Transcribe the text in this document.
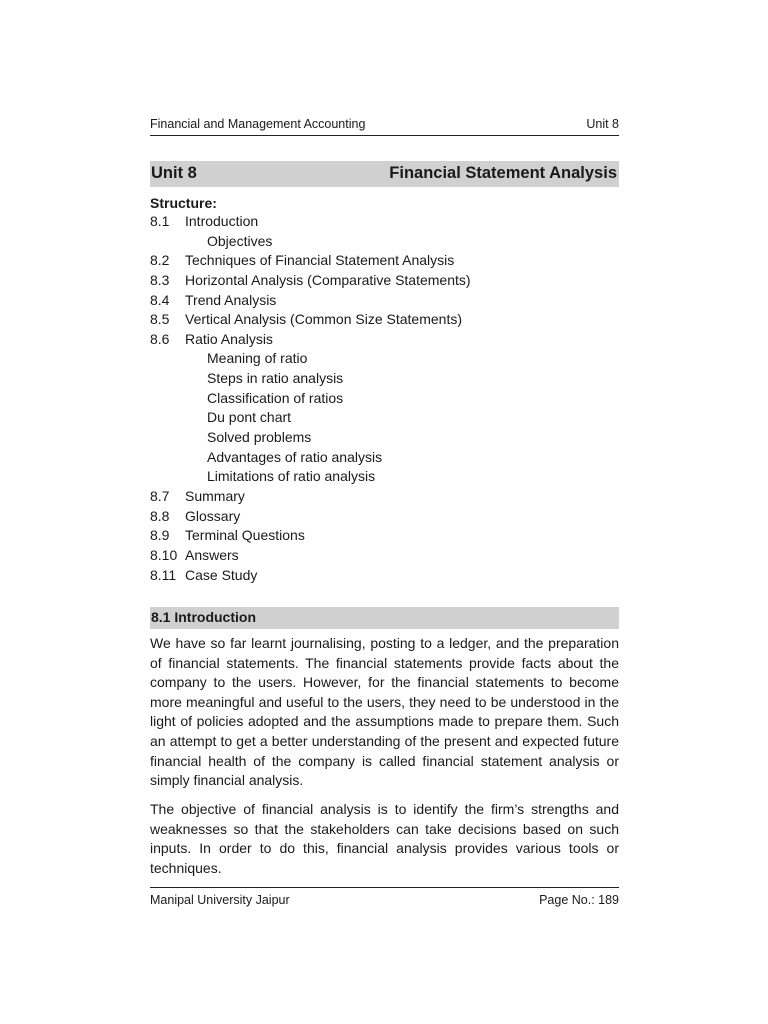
Financial and Management Accounting	Unit 8
Unit 8	Financial Statement Analysis
Structure:
8.1 Introduction
Objectives
8.2 Techniques of Financial Statement Analysis
8.3 Horizontal Analysis (Comparative Statements)
8.4 Trend Analysis
8.5 Vertical Analysis (Common Size Statements)
8.6 Ratio Analysis
Meaning of ratio
Steps in ratio analysis
Classification of ratios
Du pont chart
Solved problems
Advantages of ratio analysis
Limitations of ratio analysis
8.7 Summary
8.8 Glossary
8.9 Terminal Questions
8.10 Answers
8.11 Case Study
8.1 Introduction

We have so far learnt journalising, posting to a ledger, and the preparation of financial statements. The financial statements provide facts about the company to the users. However, for the financial statements to become more meaningful and useful to the users, they need to be understood in the light of policies adopted and the assumptions made to prepare them. Such an attempt to get a better understanding of the present and expected future financial health of the company is called financial statement analysis or simply financial analysis.

The objective of financial analysis is to identify the firm’s strengths and weaknesses so that the stakeholders can take decisions based on such inputs. In order to do this, financial analysis provides various tools or techniques.

Manipal University Jaipur	Page No.: 189
